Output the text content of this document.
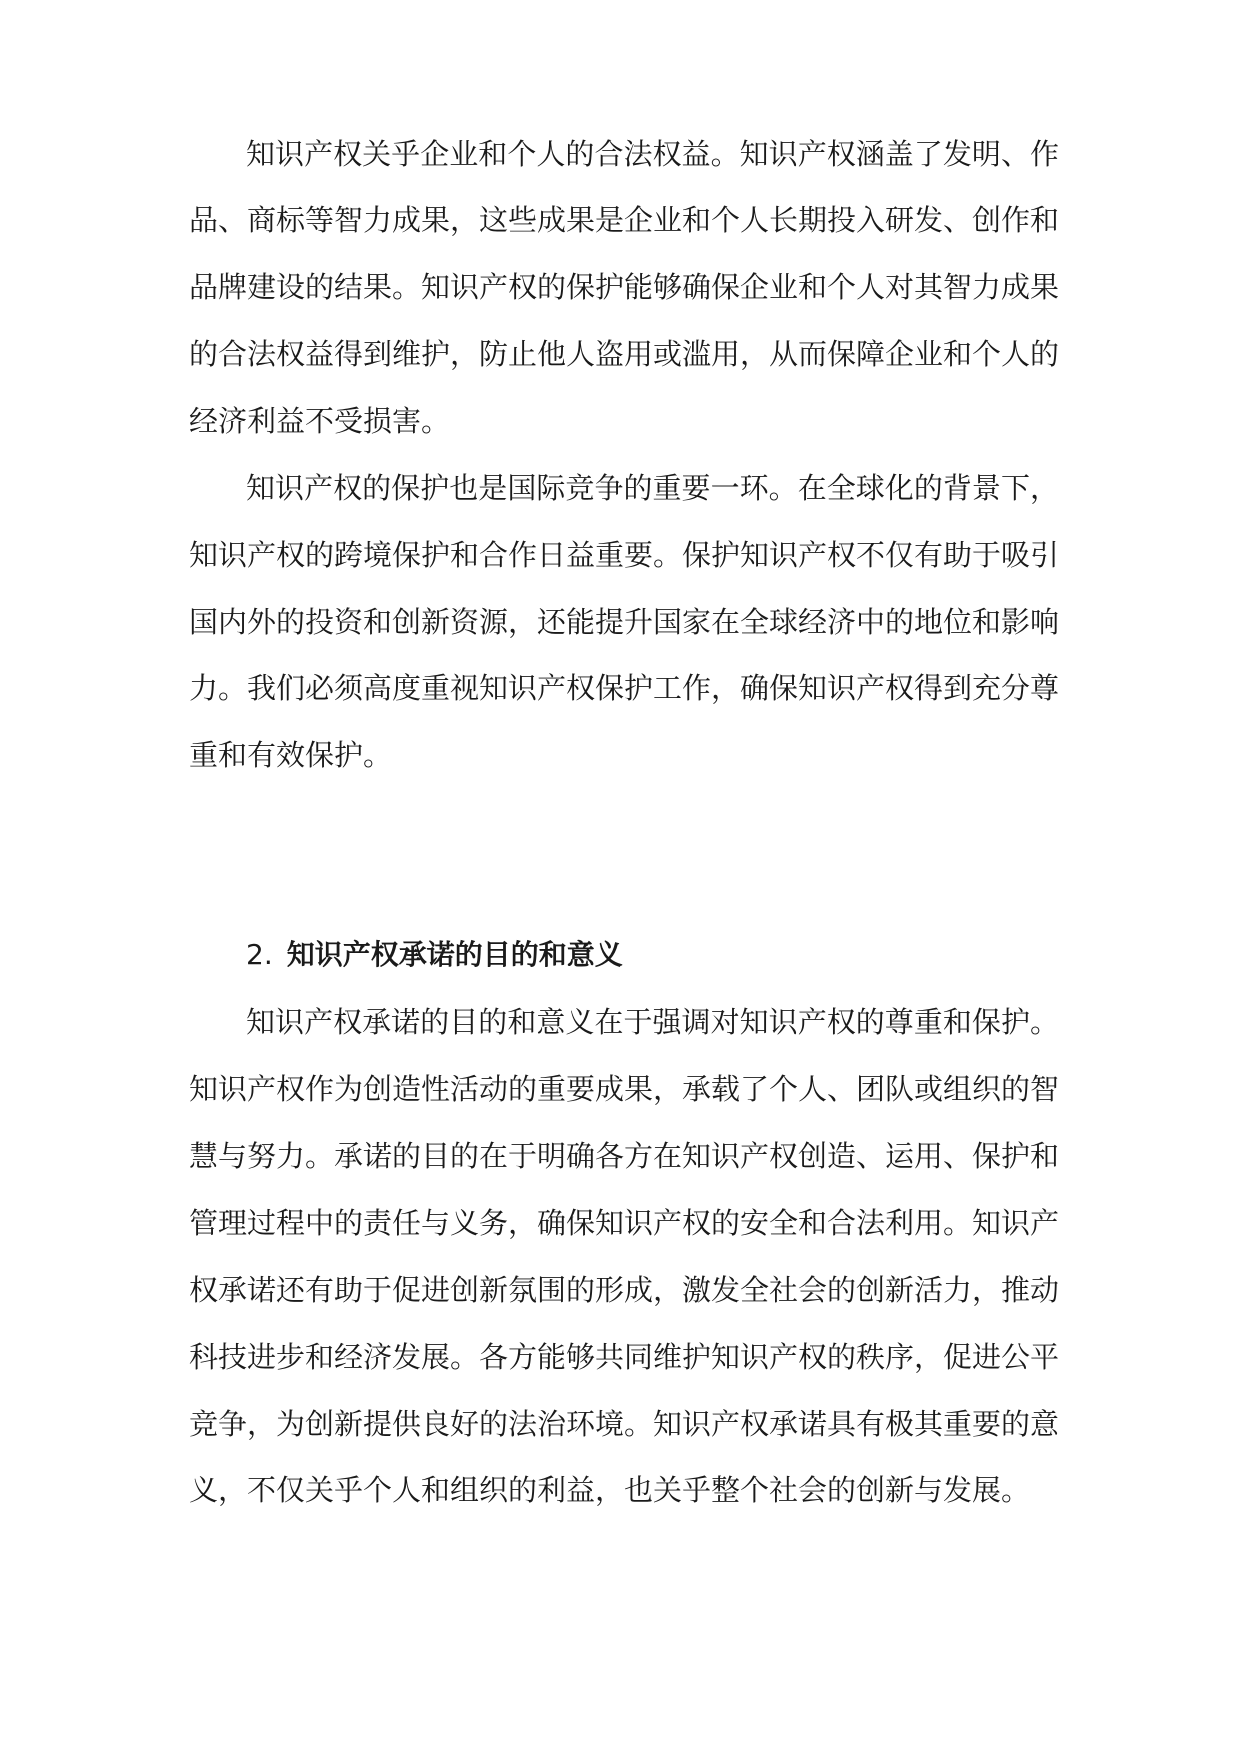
知识产权关乎企业和个人的合法权益。知识产权涵盖了发明、作
品、商标等智力成果，这些成果是企业和个人长期投入研发、创作和
品牌建设的结果。知识产权的保护能够确保企业和个人对其智力成果
的合法权益得到维护，防止他人盗用或滥用，从而保障企业和个人的
经济利益不受损害。
知识产权的保护也是国际竞争的重要一环。在全球化的背景下，
知识产权的跨境保护和合作日益重要。保护知识产权不仅有助于吸引
国内外的投资和创新资源，还能提升国家在全球经济中的地位和影响
力。我们必须高度重视知识产权保护工作，确保知识产权得到充分尊
重和有效保护。
2. 知识产权承诺的目的和意义
知识产权承诺的目的和意义在于强调对知识产权的尊重和保护。
知识产权作为创造性活动的重要成果，承载了个人、团队或组织的智
慧与努力。承诺的目的在于明确各方在知识产权创造、运用、保护和
管理过程中的责任与义务，确保知识产权的安全和合法利用。知识产
权承诺还有助于促进创新氛围的形成，激发全社会的创新活力，推动
科技进步和经济发展。各方能够共同维护知识产权的秩序，促进公平
竞争，为创新提供良好的法治环境。知识产权承诺具有极其重要的意
义，不仅关乎个人和组织的利益，也关乎整个社会的创新与发展。
